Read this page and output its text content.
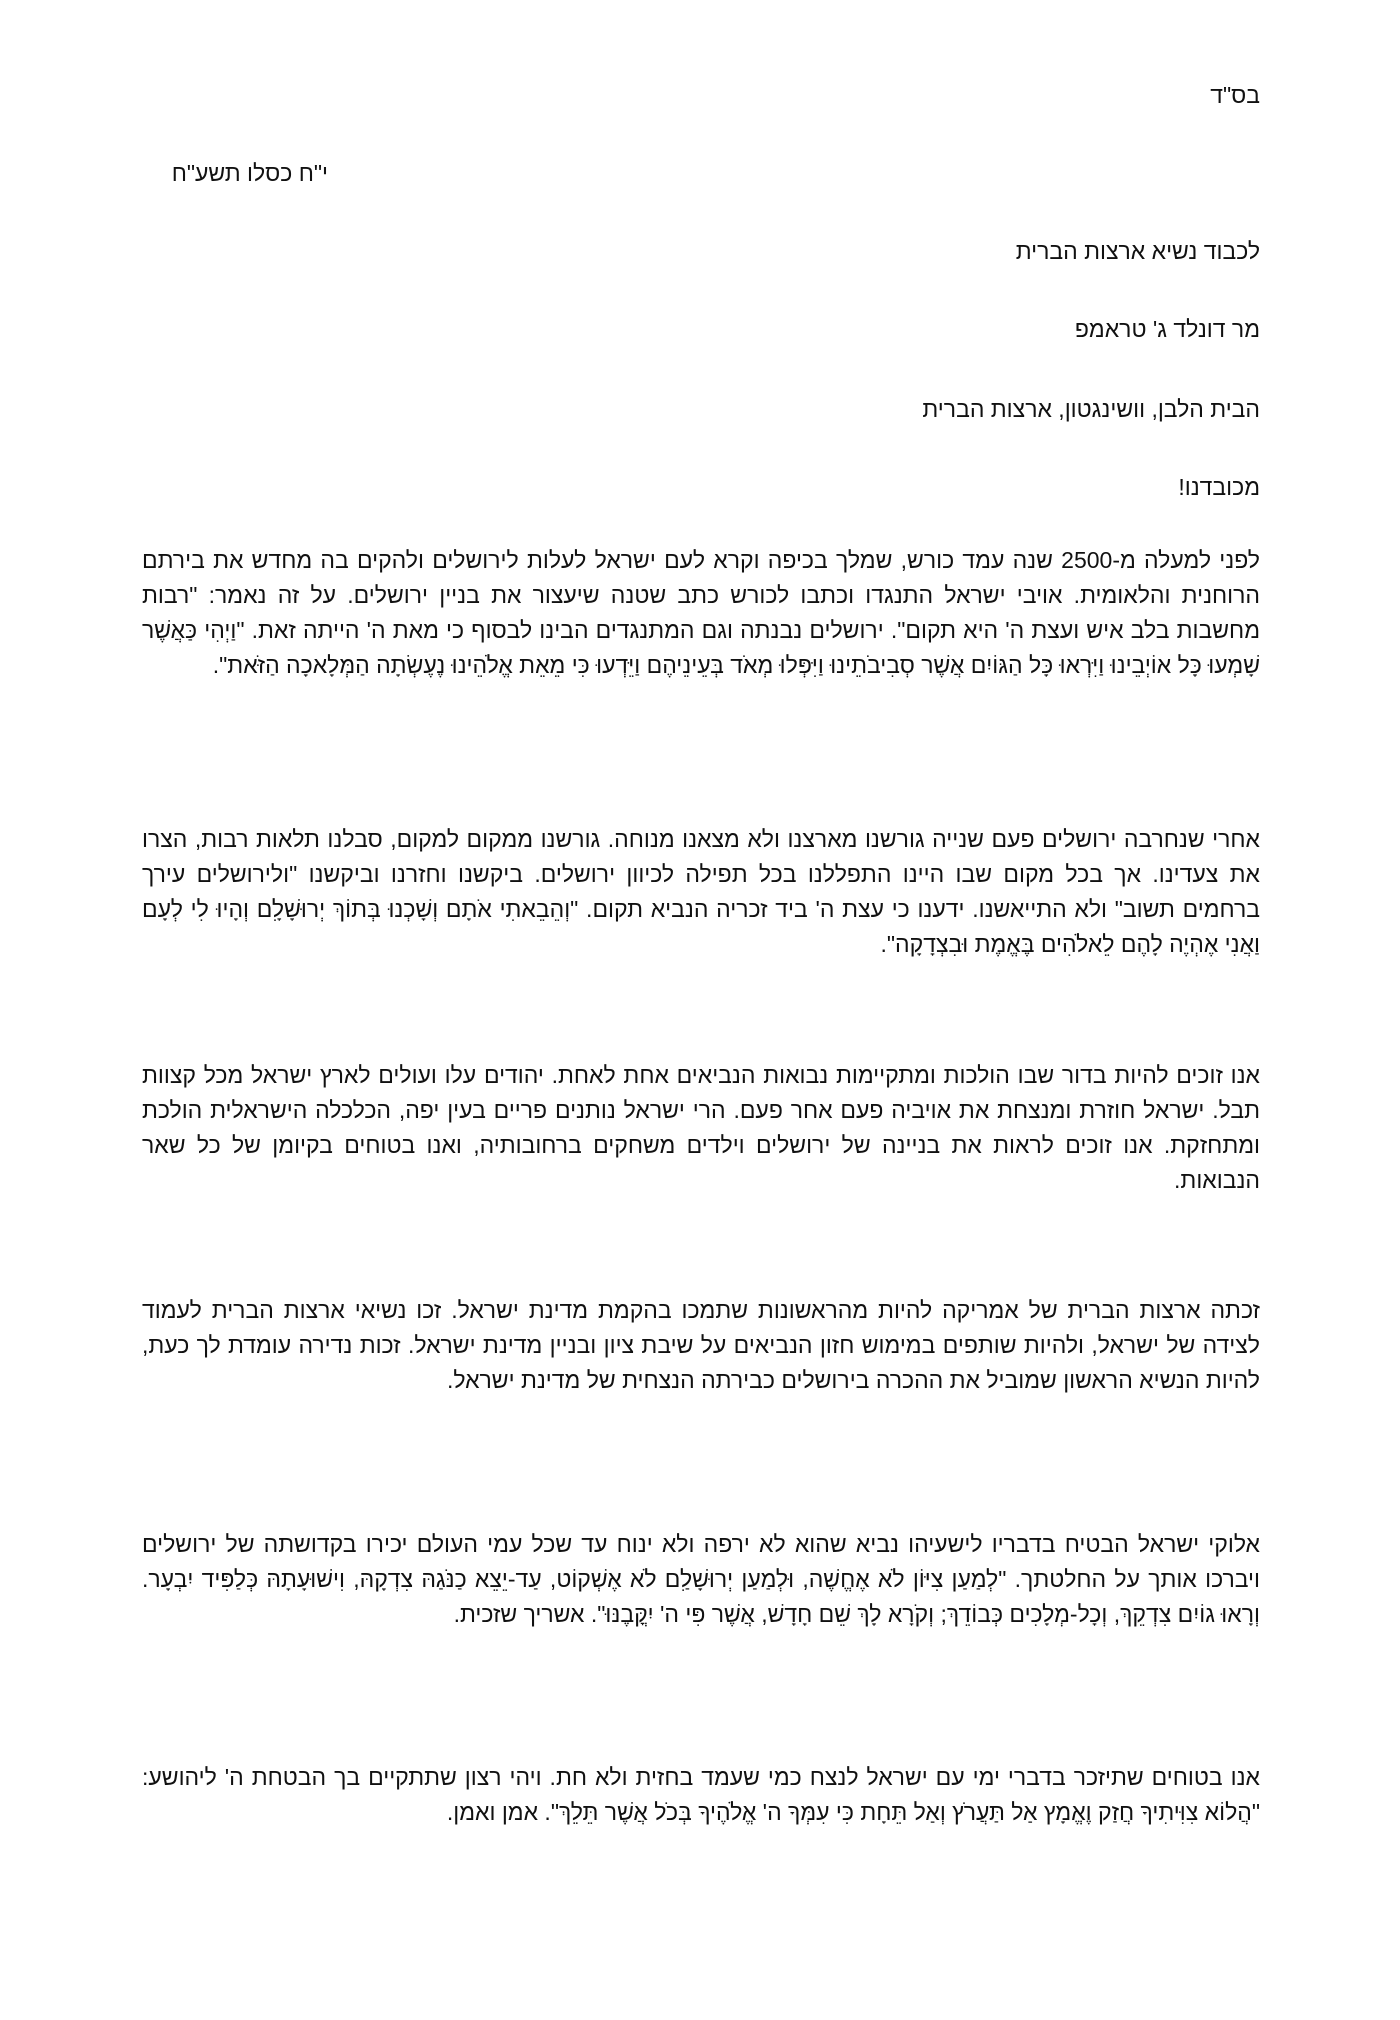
בס"ד
י"ח כסלו תשע"ח
לכבוד נשיא ארצות הברית
מר דונלד ג' טראמפ
הבית הלבן, וושינגטון, ארצות הברית
מכובדנו!
לפני למעלה מ-2500 שנה עמד כורש, שמלך בכיפה וקרא לעם ישראל לעלות לירושלים ולהקים בה מחדש את בירתם הרוחנית והלאומית. אויבי ישראל התנגדו וכתבו לכורש כתב שטנה שיעצור את בניין ירושלים. על זה נאמר: "רבות מחשבות בלב איש ועצת ה' היא תקום". ירושלים נבנתה וגם המתנגדים הבינו לבסוף כי מאת ה' הייתה זאת. "וַיְהִי כַּאֲשֶׁר שָׁמְעוּ כָּל אוֹיְבֵינוּ וַיִּרְאוּ כָּל הַגּוֹיִם אֲשֶׁר סְבִיבֹתֵינוּ וַיִּפְּלוּ מְאֹד בְּעֵינֵיהֶם וַיֵּדְעוּ כִּי מֵאֵת אֱלֹהֵינוּ נֶעֶשְׂתָה הַמְּלָאכָה הַזֹּאת".
אחרי שנחרבה ירושלים פעם שנייה גורשנו מארצנו ולא מצאנו מנוחה. גורשנו ממקום למקום, סבלנו תלאות רבות, הצרו את צעדינו. אך בכל מקום שבו היינו התפללנו בכל תפילה לכיוון ירושלים. ביקשנו וחזרנו וביקשנו "ולירושלים עירך ברחמים תשוב" ולא התייאשנו. ידענו כי עצת ה' ביד זכריה הנביא תקום. "וְהֵבֵאתִי אֹתָם וְשָׁכְנוּ בְּתוֹךְ יְרוּשָׁלִָם וְהָיוּ לִי לְעָם וַאֲנִי אֶהְיֶה לָהֶם לֵאלֹהִים בֶּאֱמֶת וּבִצְדָקָה".
אנו זוכים להיות בדור שבו הולכות ומתקיימות נבואות הנביאים אחת לאחת. יהודים עלו ועולים לארץ ישראל מכל קצוות תבל. ישראל חוזרת ומנצחת את אויביה פעם אחר פעם. הרי ישראל נותנים פריים בעין יפה, הכלכלה הישראלית הולכת ומתחזקת. אנו זוכים לראות את בניינה של ירושלים וילדים משחקים ברחובותיה, ואנו בטוחים בקיומן של כל שאר הנבואות.
זכתה ארצות הברית של אמריקה להיות מהראשונות שתמכו בהקמת מדינת ישראל. זכו נשיאי ארצות הברית לעמוד לצידה של ישראל, ולהיות שותפים במימוש חזון הנביאים על שיבת ציון ובניין מדינת ישראל. זכות נדירה עומדת לך כעת, להיות הנשיא הראשון שמוביל את ההכרה בירושלים כבירתה הנצחית של מדינת ישראל.
אלוקי ישראל הבטיח בדבריו לישעיהו נביא שהוא לא ירפה ולא ינוח עד שכל עמי העולם יכירו בקדושתה של ירושלים ויברכו אותך על החלטתך. "לְמַעַן צִיּוֹן לֹא אֶחֱשֶׁה, וּלְמַעַן יְרוּשָׁלִַם לֹא אֶשְׁקוֹט, עַד-יֵצֵא כַנֹּגַהּ צִדְקָהּ, וִישׁוּעָתָהּ כְּלַפִּיד יִבְעָר. וְרָאוּ גוֹיִם צִדְקֵךְ, וְכָל-מְלָכִים כְּבוֹדֵךְ; וְקֹרָא לָךְ שֵׁם חָדָשׁ, אֲשֶׁר פִּי ה' יִקֳּבֶנּוּ". אשריך שזכית.
אנו בטוחים שתיזכר בדברי ימי עם ישראל לנצח כמי שעמד בחזית ולא חת. ויהי רצון שתתקיים בך הבטחת ה' ליהושע: "הֲלוֹא צִוִּיתִיךָ חֲזַק וֶאֱמָץ אַל תַּעֲרֹץ וְאַל תֵּחָת כִּי עִמְּךָ ה' אֱלֹהֶיךָ בְּכֹל אֲשֶׁר תֵּלֵךְ". אמן ואמן.
